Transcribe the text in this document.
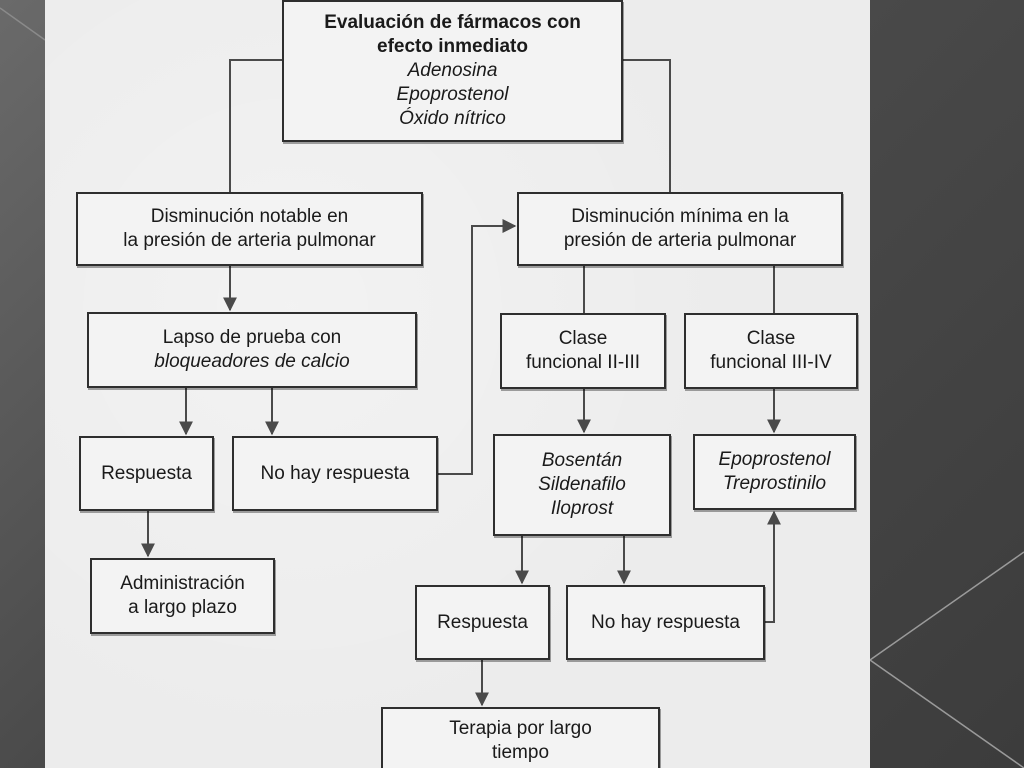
Evaluación de fármacos con
efecto inmediato
Adenosina
Epoprostenol
Óxido nítrico
Disminución notable en
la presión de arteria pulmonar
Disminución mínima en la
presión de arteria pulmonar
Lapso de prueba con
bloqueadores de calcio
Clase
funcional II-III
Clase
funcional III-IV
Respuesta	No hay respuesta
Bosentán
Sildenafilo
Iloprost
Epoprostenol
Treprostinilo
Administración
a largo plazo
Respuesta	No hay respuesta
Terapia por largo
tiempo
